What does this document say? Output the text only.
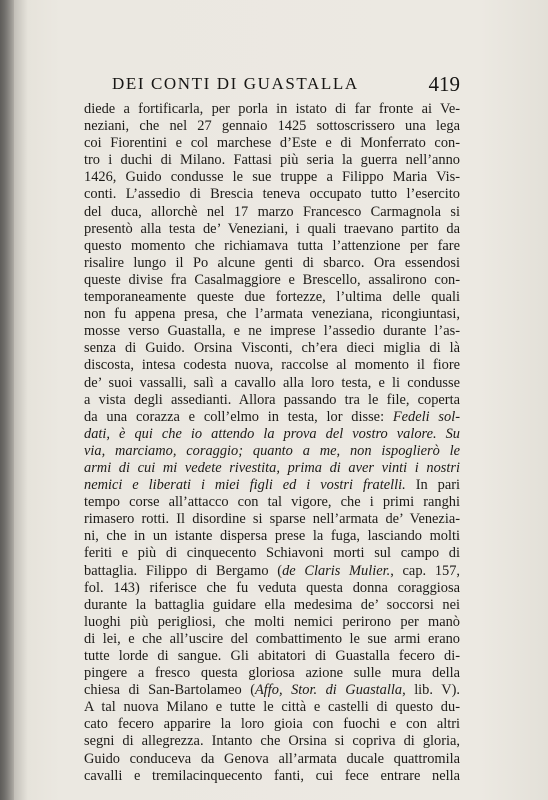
DEI CONTI DI GUASTALLA	419
diede a fortificarla, per porla in istato di far fronte ai Ve-
neziani, che nel 27 gennaio 1425 sottoscrissero una lega
coi Fiorentini e col marchese d’Este e di Monferrato con-
tro i duchi di Milano. Fattasi più seria la guerra nell’anno
1426, Guido condusse le sue truppe a Filippo Maria Vis-
conti. L’assedio di Brescia teneva occupato tutto l’esercito
del duca, allorchè nel 17 marzo Francesco Carmagnola si
presentò alla testa de’ Veneziani, i quali traevano partito da
questo momento che richiamava tutta l’attenzione per fare
risalire lungo il Po alcune genti di sbarco. Ora essendosi
queste divise fra Casalmaggiore e Brescello, assalirono con-
temporaneamente queste due fortezze, l’ultima delle quali
non fu appena presa, che l’armata veneziana, ricongiuntasi,
mosse verso Guastalla, e ne imprese l’assedio durante l’as-
senza di Guido. Orsina Visconti, ch’era dieci miglia di là
discosta, intesa codesta nuova, raccolse al momento il fiore
de’ suoi vassalli, salì a cavallo alla loro testa, e li condusse
a vista degli assedianti. Allora passando tra le file, coperta
da una corazza e coll’elmo in testa, lor disse: Fedeli sol-
dati, è qui che io attendo la prova del vostro valore. Su
via, marciamo, coraggio; quanto a me, non ispoglierò le
armi di cui mi vedete rivestita, prima di aver vinti i nostri
nemici e liberati i miei figli ed i vostri fratelli. In pari
tempo corse all’attacco con tal vigore, che i primi ranghi
rimasero rotti. Il disordine si sparse nell’armata de’ Venezia-
ni, che in un istante dispersa prese la fuga, lasciando molti
feriti e più di cinquecento Schiavoni morti sul campo di
battaglia. Filippo di Bergamo (de Claris Mulier., cap. 157,
fol. 143) riferisce che fu veduta questa donna coraggiosa
durante la battaglia guidare ella medesima de’ soccorsi nei
luoghi più perigliosi, che molti nemici perirono per manò
di lei, e che all’uscire del combattimento le sue armi erano
tutte lorde di sangue. Gli abitatori di Guastalla fecero di-
pingere a fresco questa gloriosa azione sulle mura della
chiesa di San-Bartolameo (Affo, Stor. di Guastalla, lib. V).
A tal nuova Milano e tutte le città e castelli di questo du-
cato fecero apparire la loro gioia con fuochi e con altri
segni di allegrezza. Intanto che Orsina si copriva di gloria,
Guido conduceva da Genova all’armata ducale quattromila
cavalli e tremilacinquecento fanti, cui fece entrare nella
